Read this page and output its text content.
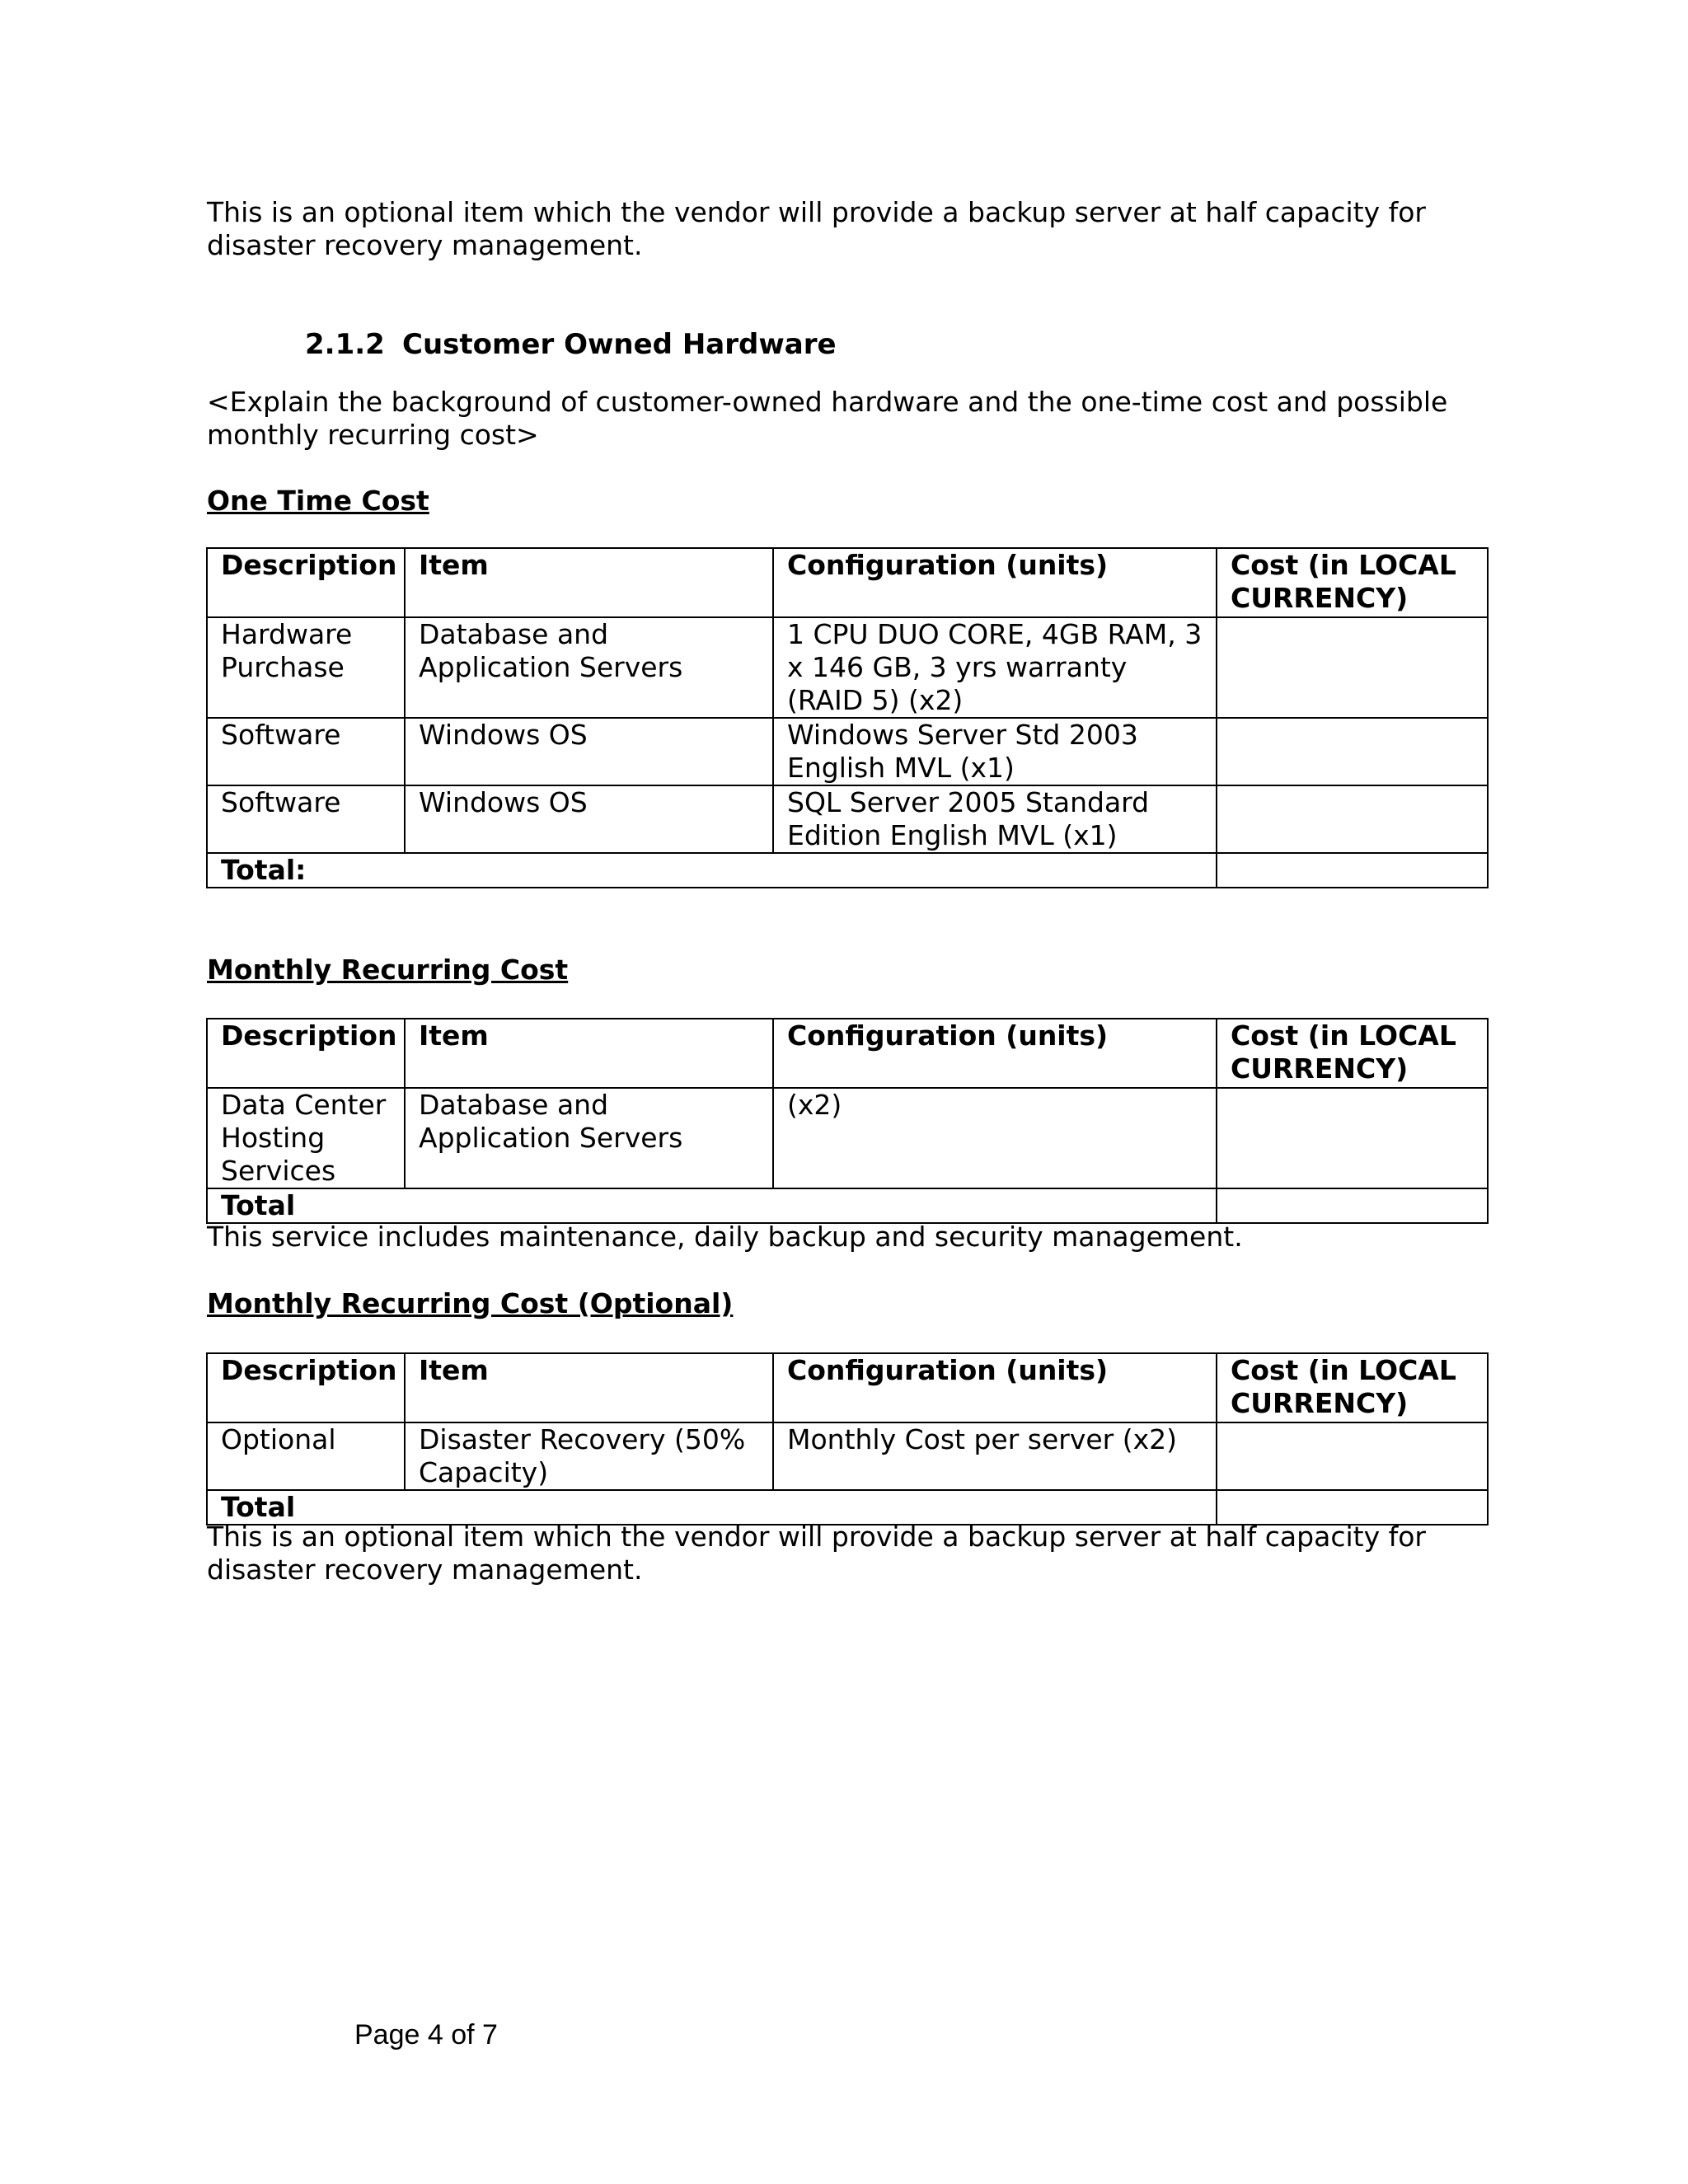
This is an optional item which the vendor will provide a backup server at half capacity for disaster recovery management.

2.1.2 Customer Owned Hardware

<Explain the background of customer-owned hardware and the one-time cost and possible monthly recurring cost>

One Time Cost
Description	Item	Configuration (units)	Cost (in LOCAL CURRENCY)
Hardware Purchase	Database and Application Servers	1 CPU DUO CORE, 4GB RAM, 3 x 146 GB, 3 yrs warranty (RAID 5) (x2)	
Software	Windows OS	Windows Server Std 2003 English MVL (x1)	
Software	Windows OS	SQL Server 2005 Standard Edition English MVL (x1)	
Total:			
Monthly Recurring Cost
Description	Item	Configuration (units)	Cost (in LOCAL CURRENCY)
Data Center Hosting Services	Database and Application Servers	(x2)	
Total			

This service includes maintenance, daily backup and security management.

Monthly Recurring Cost (Optional)
Description	Item	Configuration (units)	Cost (in LOCAL CURRENCY)
Optional	Disaster Recovery (50% Capacity)	Monthly Cost per server (x2)	
Total			

This is an optional item which the vendor will provide a backup server at half capacity for disaster recovery management.

Page 4 of 7
